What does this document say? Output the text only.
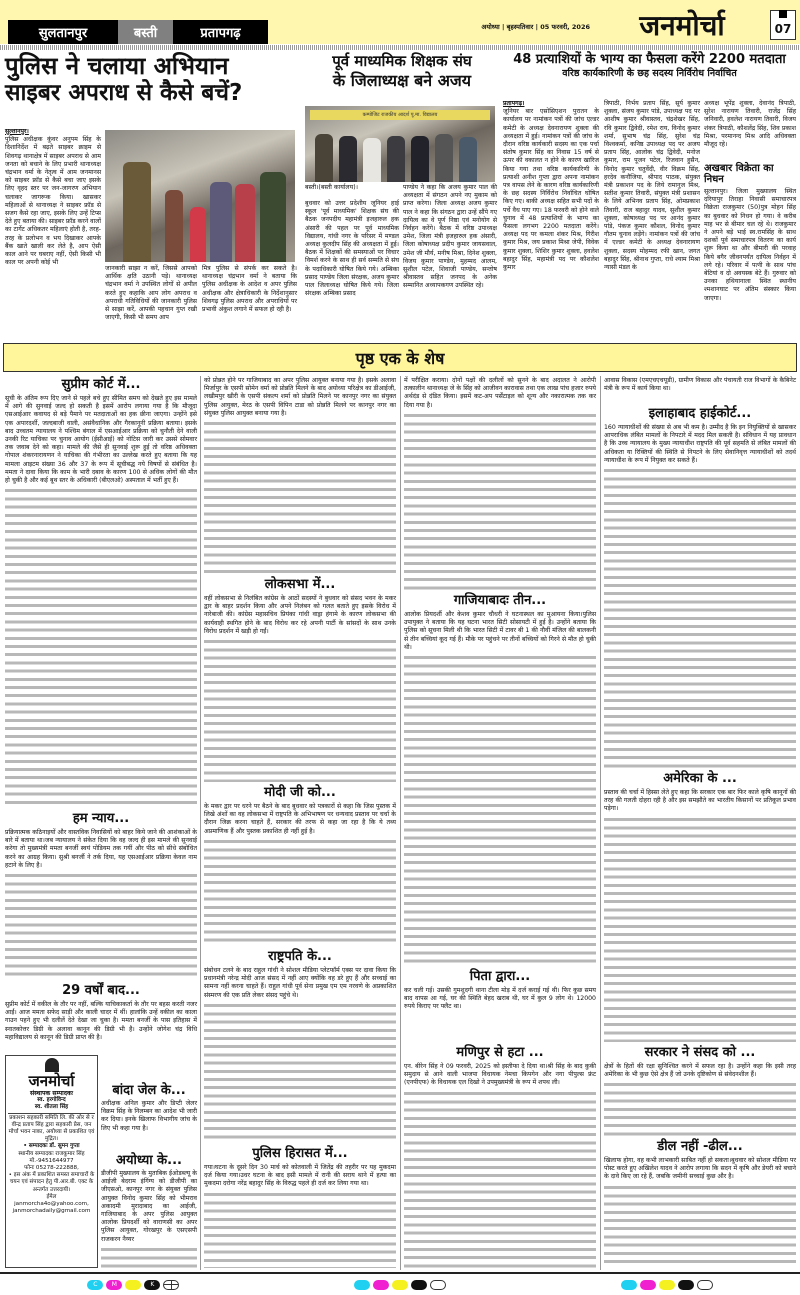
सुलतानपुर	बस्ती	प्रतापगढ़	अयोध्या | बृहस्पतिवार | 05 फरवरी, 2026	जनमोर्चा	07
पुलिस ने चलाया अभियान
साइबर अपराध से कैसे बचें?
सुल्तानपुर।
पुलिस अधीक्षक कुंवर अनुपम सिंह के दिशानिर्देश में बढ़ते साइबर क्राइम से शिवगढ़ थानाक्षेत्र में साइबर अपराध से आम जनता को बचाने के लिए प्रभारी थानाध्यक्ष चंद्रभान वर्मा के नेतृत्व में आम जनमानस को साइबर फ्रॉड से कैसे बचा जाए इसके लिए वृहद स्तर पर जन-जागरण अभियान चलाकर जागरूक किया। खासकर महिलाओं से थानाध्यक्ष ने साइबर फ्रॉड से सजग कैसे रहा जाए, इसके लिए उन्हें टिप्स देते हुए बताया की। साइबर फ्रॉड करने वालों का टार्गेट अधिकतर महिलाएं होती है, तरह-तरह के प्रलोभन व भय दिखाकर आपके बैंक खाते खाली कर लेते है, आप ऐसी काल आने पर घबराए नहीं, ऐसी किसी भी काल पर अपनी कोई भी
जानकारी साझा न करें, जिससे आपको आर्थिक क्षति उठानी पड़े। थानाध्यक्ष चंद्रभान वर्मा ने उपस्थित लोगों से अपील करते हुए कहाकि आप लोग अपराध व अपराधी गतिविधियों की जानकारी पुलिस से साझा करें, आपकी पहचान गुप्त रखी जाएगी, किसी भी समय आप
मित्र पुलिस से संपर्क कर सकते है। थानाध्यक्ष चंद्रभान वर्मा ने बताया कि पुलिस अधीक्षक के आदेश व अपर पुलिस अधीक्षक और क्षेत्राधिकारी के निर्देशानुसार शिवगढ़ पुलिस अपराध और अपराधियों पर प्रभावी अंकुश लगाने में सफल हो रही है।
पूर्व माध्यमिक शिक्षक संघ
के जिलाध्यक्ष बने अजय
कम्पोजिट राजकीय आदर्श पू.मा. विद्यालय
बस्ती।(बस्ती कार्यालय)।
बुधवार को उत्तर प्रदेशीय जूनियर हाई स्कूल 'पूर्व माध्यमिक' शिक्षक संघ की बैठक जनपदीय महामंत्री इजहारुल हक अंसारी की पहल पर पूर्व माध्यमिक विद्यालय, गांधी नगर के परिसर में मण्डल अध्यक्ष कुलदीप सिंह की अध्यक्षता में हुई। बैठक में शिक्षकों की समस्याओं पर विचार विमर्श करने के साथ ही सर्व सम्मति से संघ के पदाधिकारी घोषित किये गये। अम्बिका प्रसाद पाण्डेय जिला संरक्षक, अजय कुमार पाल जिलाध्यक्ष घोषित किये गये। जिला संरक्षक अम्बिका प्रसाद
पाण्डेय ने कहा कि अजय कुमार पाल की अध्यक्षता में संगठन अपने नए मुकाम को प्राप्त करेगा। जिला अध्यक्ष अजय कुमार पाल ने कहा कि संगठन द्वारा उन्हें सौंपे गए दायित्व का वे पूर्ण निष्ठा एवं मनोयोग से निर्वहन करेंगे। बैठक में वरिष्ठ उपाध्यक्ष उमेश, जिला मंत्री इजहारुल हक अंसारी, जिला कोषाध्यक्ष प्रदीप कुमार जायसवाल, उमेश जी मौर्य, मनीष मिश्रा, दिनेश शुक्ला, विजय कुमार पाण्डेय, मुहम्मद आलम, सुशील पटेल, शिवाजी पाण्डेय, सन्तोष श्रीवास्तव सहित जनपद के अनेक सम्मानित अध्यापकगण उपस्थित रहे।
48 प्रत्याशियों के भाग्य का फैसला करेंगे 2200 मतदाता
वरिष्ठ कार्यकारिणी के छह सदस्य निर्विरोध निर्वाचित
प्रतापगढ़।
जूनियर बार एसोसिएशन पुरातन के कार्यालय पर नामांकन पत्रों की जांच एल्डर कमेटी के अध्यक्ष देवनारायण शुक्ला की अध्यक्षता में हुई। नामांकन पत्रों की जांच के दौरान वरिष्ठ कार्यकारी सदस्य का एक पर्चा संतोष कुमार सिंह का निवास 15 वर्ष से ऊपर की वकालत न होने के कारण खारिज किया गया तथा वरिष्ठ कार्यकारिणी के प्रत्याशी अनीश गुप्ता द्वारा अपना नामांकन पत्र वापस लेने के कारण वरिष्ठ कार्यकारिणी के छह सदस्य निर्विरोध निर्वाचित घोषित किए गए। बाकी अध्यक्ष सहित सभी पदों के पर्चे वैध पाए गए। 18 फरवरी को होने वाले चुनाव में 48 प्रत्याशियों के भाग्य का फैसला लगभग 2200 मतदाता करेंगे। अध्यक्ष पद पर कमला शंकर मिश्र, गिरीश कुमार मिश्र, जय प्रकाश मिश्रा जेपी, विवेक कुमार शुक्ला, शिशिर कुमार शुक्ला, हवलेश बहादुर सिंह, महामंत्री पद पर कौशलेश कुमार
त्रिपाठी, निर्भय प्रताप सिंह, सूर्य कुमार शुक्ला, संजय कुमार पांडे, उपाध्यक्ष पद पर आशीष कुमार श्रीवास्तव, चंद्रशेखर सिंह, रवि कुमार द्विवेदी, रमेश राय, विनोद कुमार शर्मा, सुभाष चंद्र सिंह, सुरेश चंद्र विश्वकर्मा, कनिष्ठ उपाध्यक्ष पद पर अजय प्रताप सिंह, आलोक चंद्र द्विवेदी, मनोज कुमार, राम पूजन पटेल, रिजवान हुसैन, विनोद कुमार चतुर्वेदी, वीर विक्रम सिंह, हरदेव कनौजिया, श्रीपाद पाठक, संयुक्त मंत्री प्रकाशन पद के लिये रामानुज मिश्र, सतीश कुमार तिवारी, संयुक्त मंत्री प्रशासन के लिये अभिनव प्रताप सिंह, ओमप्रकाश तिवारी, राज बहादुर यादव, सुशील कुमार शुक्ला, कोषाध्यक्ष पद पर आनंद कुमार पांडे, पंकज कुमार कौशल, विनोद कुमार गौतम चुनाव लड़ेंगे। नामांकन पत्रों की जांच में एल्डर कमेटी के अध्यक्ष देवनारायण शुक्ला, सदस्य मोहम्मद रफी खान, जगत बहादुर सिंह, श्रीनाथ गुप्ता, राधे श्याम मिश्रा न्यासी मंडल के
अध्यक्ष भूपेंद्र शुक्ला, देवानंद त्रिपाठी, सुरेश नारायण तिवारी, राजेंद्र सिंह जनिवारी, हवलेश नारायण तिवारी, विजय शंकर त्रिपाठी, कौशलेंद्र सिंह, शिव प्रकाश मिश्रा, परमानन्द मिश्र आदि अधिवक्ता मौजूद रहे।
अखबार विक्रेता का निधन
सुल्तानपुर। जिला मुख्यालय स्थित दरियापुर तिराहा निवासी समाचारपत्र विक्रेता राजकुमार (50)पुत्र मोहन सिंह का बुधवार को निधन हो गया। वे करीब माह भर से बीमार चल रहे थे। राजकुमार ने अपने बड़े भाई स्व.रामसिंह के साथ दशकों पूर्व समाचारपत्र वितरण का कार्य शुरू किया था और बीमारी की परवाह किये बगैर जीवनपर्यंत दायित्व निर्वहन में लगे रहे। परिवार में पत्नी के साथ पांच बेटियां व दो अवयस्क बेटे हैं। गुरुवार को उनका हथियानाला स्थित स्थानीय श्मशानघाट पर अंतिम संस्कार किया जाएगा।
पृष्ठ एक के शेष
सुप्रीम कोर्ट में...
सूची के अंतिम रूप दिए जाने से पहले बचे हुए सीमित समय को देखते हुए इस मामले में आगे की सुनवाई जल्द हो सकती है इसमें आरोप लगाया गया है कि मौजूदा एसआईआर कवायद से बड़े पैमाने पर मतदाताओं का हक छीना जाएगा। उन्होंने इसे एक अपारदर्शी, जल्दबाजी वाली, असंवैधानिक और गैरकानूनी प्रक्रिया बताया। इसके बाद उच्चतम न्यायालय ने पश्चिम बंगाल में एसआईआर प्रक्रिया को चुनौती देने वाली उनकी रिट याचिका पर चुनाव आयोग (ईसीआई) को नोटिस जारी कर उससे सोमवार तक जवाब देने को कहा। मामले की जैसे ही सुनवाई शुरू हुई तो वरिष्ठ अधिवक्ता गोपाल शंकरनारायणन ने याचिका की गंभीरता का उल्लेख करते हुए बताया कि यह मामला आइटम संख्या 36 और 37 के रूप में सूचीबद्ध नये विषयों से संबंधित है। ममता ने दावा किया कि काम के भारी दबाव के कारण 100 से अधिक लोगों की मौत हो चुकी है और कई बूथ स्तर के अधिकारी (बीएलओ) अस्पताल में भर्ती हुए हैं।
हम न्याय...
प्रक्रियात्मक कठिनाइयों और वास्तविक निवासियों को बाहर किये जाने की आशंकाओं के बारे में बताया था।जब न्यायालय ने संकेत दिया कि वह जल्द ही इस मामले की सुनवाई करेगा तो मुख्यमंत्री ममता बनर्जी स्वयं पोडियम तक गयीं और पीठ को सीधे संबोधित करने का आग्रह किया। सुश्री बनर्जी ने तर्क दिया, यह एसआईआर प्रक्रिया केवल नाम हटाने के लिए है।
29 वर्षों बाद...
सुप्रीम कोर्ट में वकील के तौर पर नहीं, बल्कि याचिकाकर्ता के तौर पर बहस करती नजर आईं। आज ममता सफेद साड़ी और काली चादर में थीं। हालांकि उन्हें वकील का काला गाउन पहने हुए भी दलीलें देते देखा जा चुका है। ममता बनर्जी के पास इतिहास में स्नातकोत्तर डिग्री के अलावा कानून की डिग्री भी है। उन्होंने जोगेश चंद्र विधि महाविद्यालय से कानून की डिग्री प्राप्त की है।
जनमोर्चा
संस्थापक सम्पादकः
स्व. हरगोविन्द
स्व. शीतला सिंह
प्रकाशन सहकारी समिति लि. की ओर से रवीन्द्र प्रताप सिंह द्वारा सहकारी प्रेस, जनमोर्चा भवन नाका, अयोध्या से प्रकाशित एवं मुद्रित।
• सम्पादकः डॉ. सुमन गुप्ता
स्थानीय सम्पादकः राजकुमार सिंह
मो.-9451644977
फोनः 05278-222888,
• इस अंक में प्रकाशित समस्त समाचारों के चयन एवं संपादन हेतु पी.आर.बी. एक्ट के अन्तर्गत उत्तरदायी।
ईमेल
janmorcha4o@yahoo.com,
janmorchadaily@gmail.com
बांदा जेल के...
अधीक्षक अनिल कुमार और डिप्टी जेलर विक्रम सिंह के निलम्बन का आदेश भी जारी कर दिया। इनके खिलाफ विभागीय जांच के लिए भी कहा गया है।
अयोध्या के...
डीजीपी मुख्यालय के मुताबिक ईओडब्ल्यू के आईजी बेदराम इंगिंग्य को डीजीपी का जीएसओ, कानपुर नगर के संयुक्त पुलिस आयुक्त विनोद कुमार सिंह को भीमराव अकादमी मुरादाबाद का आईजी, गाजियाबाद के अपर पुलिस आयुक्त आलोक प्रियदर्शी को वाराणसी का अपर पुलिस आयुक्त, गोरखपुर के एसएसपी राजकरन नैय्यर
को प्रोन्नत होने पर गाजियाबाद का अपर पुलिस आयुक्त बनाया गया है। इसके अलावा मिर्जापुर के एसपी सोमेन वर्मा को प्रोन्नति मिलने के बाद अयोध्या परिक्षेत्र का डीआईजी, लखीमपुर खीरी के एसपी संकल्प शर्मा को प्रोन्नति मिलने पर कानपुर नगर का संयुक्त पुलिस आयुक्त, मेरठ के एसपी विपिन टाडा को प्रोन्नति मिलने पर कानपुर नगर का संयुक्त पुलिस आयुक्त बनाया गया है।
लोकसभा में...
वहीं लोकसभा से निलंबित कांग्रेस के आठों सदस्यों ने बुधवार को संसद भवन के मकर द्वार के बाहर प्रदर्शन किया और अपने निलंबन को गलत बताते हुए इसके विरोध में नारेबाजी की। कांग्रेस महासचिव प्रियंका गांधी वाड्रा हंगामे के कारण लोकसभा की कार्यवाही स्थगित होने के बाद विरोध कर रहे अपनी पार्टी के सांसदों के साथ उनके विरोध प्रदर्शन में खड़ी हो गईं।
मोदी जी को...
के मकर द्वार पर धरने पर बैठने के बाद बुधवार को पत्रकारों से कहा कि जिस पुस्तक में लिखे अंशों का वह लोकसभा में राष्ट्रपति के अभिभाषण पर धन्यवाद प्रस्ताव पर चर्चा के दौरान जिक्र करना चाहते हैं, सरकार की तरफ से कहा जा रहा है कि ये तथ्य अप्रमाणिक हैं और पुस्तक प्रकाशित ही नहीं हुई है।
राष्ट्रपति के...
संबोधन टलने के बाद राहुल गांधी ने सोशल मीडिया प्लेटफॉर्म एक्स पर दावा किया कि प्रधानमंत्री नरेन्द्र मोदी आज संसद में नहीं आए क्योंकि वह डरे हुए हैं और सच्चाई का सामना नहीं करना चाहते हैं। राहुल गांधी पूर्व सेना प्रमुख एम एम नरवणे के अप्रकाशित संस्मरण की एक प्रति लेकर संसद पहुंचे थे।
पुलिस हिरासत में...
गया।घटना के दूसरे दिन 30 मार्च को कोतवाली में जितेंद्र की तहरीर पर यह मुकदमा दर्ज किया गया।उधर घटना के बाद इसी मामले में रानी की सराय थाने में हत्या का मुकदमा दरोगा नरेंद्र बहादुर सिंह के विरुद्ध पहले ही दर्ज कर लिया गया था।
में परीक्षित कराया। दोनों पक्षों की दलीलों को सुनने के बाद अदालत ने आरोपी तत्कालीन थानाध्यक्ष जे के सिंह को आजीवन कारावास तथा एक लाख पांच हजार रुपये अर्थदंड से दंडित किया। इसमें कट-अप पर्सेंटाइल को शून्य और नकारात्मक तक कर दिया गया है।
गाजियाबादः तीन...
आलोक प्रियदर्शी और केशव कुमार चौधरी ने घटनास्थल का मुआयना किया।पुलिस उपायुक्त ने बताया कि यह घटना भारत सिटी सोसायटी में हुई है। उन्होंने बताया कि पुलिस को सूचना मिली थी कि भारत सिटी में टावर बी 1 की नौवीं मंजिल की बालकनी से तीन बच्चियां कूद गई हैं। मौके पर पहुंचने पर तीनों बच्चियों को गिरने से मौत हो चुकी थी।
पिता द्वारा...
कर चली गई। उसकी गुमशुदगी थाना टीला मोड़ में दर्ज कराई गई थी। फिर कुछ समय बाद वापस आ गई, घर की स्थिति बेहद खराब थी, घर में कुल 9 लोग थे। 12000 रुपये किराए पर फ्लैट था।
मणिपुर से हटा ...
एन. बीरेन सिंह ने 09 फरवरी, 2025 को इस्तीफा दे दिया था।श्री सिंह के बाद कुकी समुदाय से आने वाली भाजपा विधायक नेमचा किपगेन और नगा पीपुल्स फ्रंट (एनपीएफ) के विधायक एल दिखो ने उपमुख्यमंत्री के रूप में शपथ ली।
आवास विकास (एमएचएचयूडी), ग्रामीण विकास और पंचायती राज विभागों के कैबिनेट मंत्री के रूप में कार्य किया था।
इलाहाबाद हाईकोर्ट...
160 न्यायाधीशों की संख्या से अब भी कम है। उम्मीद है कि इन नियुक्तियों से खासकर आपराधिक लंबित मामलों के निपटारे में मदद मिल सकती है। संविधान में यह प्रावधान है कि उच्च न्यायालय के मुख्य न्यायाधीश राष्ट्रपति की पूर्व सहमति से लंबित मामलों की अधिकता या रिक्तियों की स्थिति से निपटने के लिए सेवानिवृत्त न्यायाधीशों को तदर्थ न्यायाधीश के रूप में नियुक्त कर सकते हैं।
अमेरिका के ...
प्रस्ताव की चर्चा में हिस्सा लेते हुए कहा कि सरकार एक बार फिर काले कृषि कानूनों की तरह की गलती दोहरा रही है और इस समझौते का भारतीय किसानों पर प्रतिकूल प्रभाव पड़ेगा।
सरकार ने संसद को ...
क्षेत्रों के हितों की रक्षा सुनिश्चित करने में सफल रहा है। उन्होंने कहा कि इसी तरह अमेरिका के भी कुछ ऐसे क्षेत्र हैं जो उनके दृष्टिकोण से संवेदनशील हैं।
डील नहीं -ढील...
खिलाफ होगा, वह कभी लाभकारी साबित नहीं हो सकता।बुधवार को सोशल मीडिया पर पोस्ट करते हुए अखिलेश यादव ने आरोप लगाया कि सदन में कृषि और डेयरी को बचाने के दावे किए जा रहे हैं, जबकि जमीनी सच्चाई कुछ और है।
C	M	K
